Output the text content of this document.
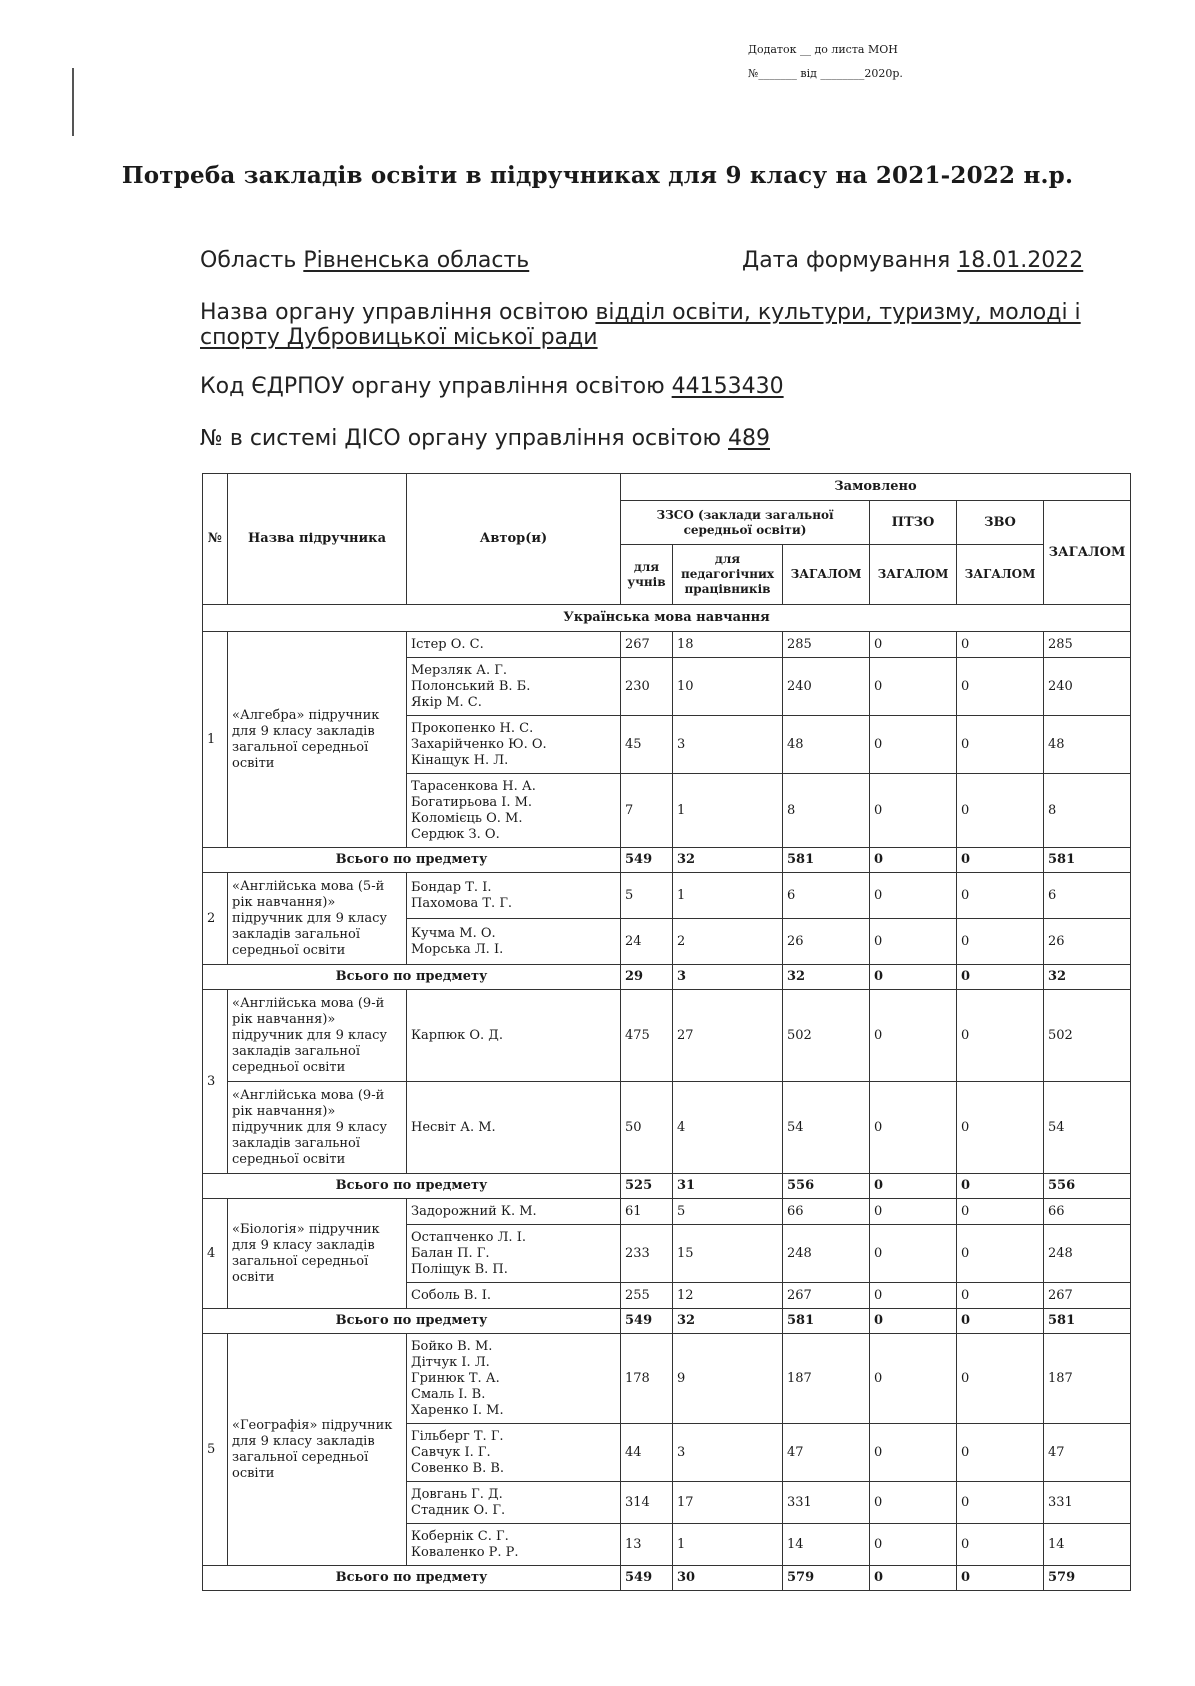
Додаток __ до листа МОН
№_______ від ________2020р.
Потреба закладів освіти в підручниках для 9 класу на 2021-2022 н.р.
Область Рівненська область	Дата формування 18.01.2022
Назва органу управління освітою відділ освіти, культури, туризму, молоді і спорту Дубровицької міської ради
Код ЄДРПОУ органу управління освітою 44153430
№ в системі ДІСО органу управління освітою 489
№	Назва підручника	Автор(и)	Замовлено					
			ЗЗСО (заклади загальної середньої освіти)			ПТЗО	ЗВО	ЗАГАЛОМ
			для учнів	для педагогічних працівників	ЗАГАЛОМ	ЗАГАЛОМ	ЗАГАЛОМ	
Українська мова навчання								
1	«Алгебра» підручник для 9 класу закладів загальної середньої освіти	Істер О. С.	267	18	285	0	0	285
		Мерзляк А. Г.
Полонський В. Б.
Якір М. С.	230	10	240	0	0	240
		Прокопенко Н. С.
Захарійченко Ю. О.
Кінащук Н. Л.	45	3	48	0	0	48
		Тарасенкова Н. А.
Богатирьова І. М.
Коломієць О. М.
Сердюк З. О.	7	1	8	0	0	8
Всього по предмету			549	32	581	0	0	581
2	«Англійська мова (5-й рік навчання)» підручник для 9 класу закладів загальної середньої освіти	Бондар Т. І.
Пахомова Т. Г.	5	1	6	0	0	6
		Кучма М. О.
Морська Л. І.	24	2	26	0	0	26
Всього по предмету			29	3	32	0	0	32
3	«Англійська мова (9-й рік навчання)» підручник для 9 класу закладів загальної середньої освіти	Карпюк О. Д.	475	27	502	0	0	502
	«Англійська мова (9-й рік навчання)» підручник для 9 класу закладів загальної середньої освіти	Несвіт А. М.	50	4	54	0	0	54
Всього по предмету			525	31	556	0	0	556
4	«Біологія» підручник для 9 класу закладів загальної середньої освіти	Задорожний К. М.	61	5	66	0	0	66
		Остапченко Л. І.
Балан П. Г.
Поліщук В. П.	233	15	248	0	0	248
		Соболь В. І.	255	12	267	0	0	267
Всього по предмету			549	32	581	0	0	581
5	«Географія» підручник для 9 класу закладів загальної середньої освіти	Бойко В. М.
Дітчук І. Л.
Гринюк Т. А.
Смаль І. В.
Харенко І. М.	178	9	187	0	0	187
		Гільберг Т. Г.
Савчук І. Г.
Совенко В. В.	44	3	47	0	0	47
		Довгань Г. Д.
Стадник О. Г.	314	17	331	0	0	331
		Кобернік С. Г.
Коваленко Р. Р.	13	1	14	0	0	14
Всього по предмету			549	30	579	0	0	579
